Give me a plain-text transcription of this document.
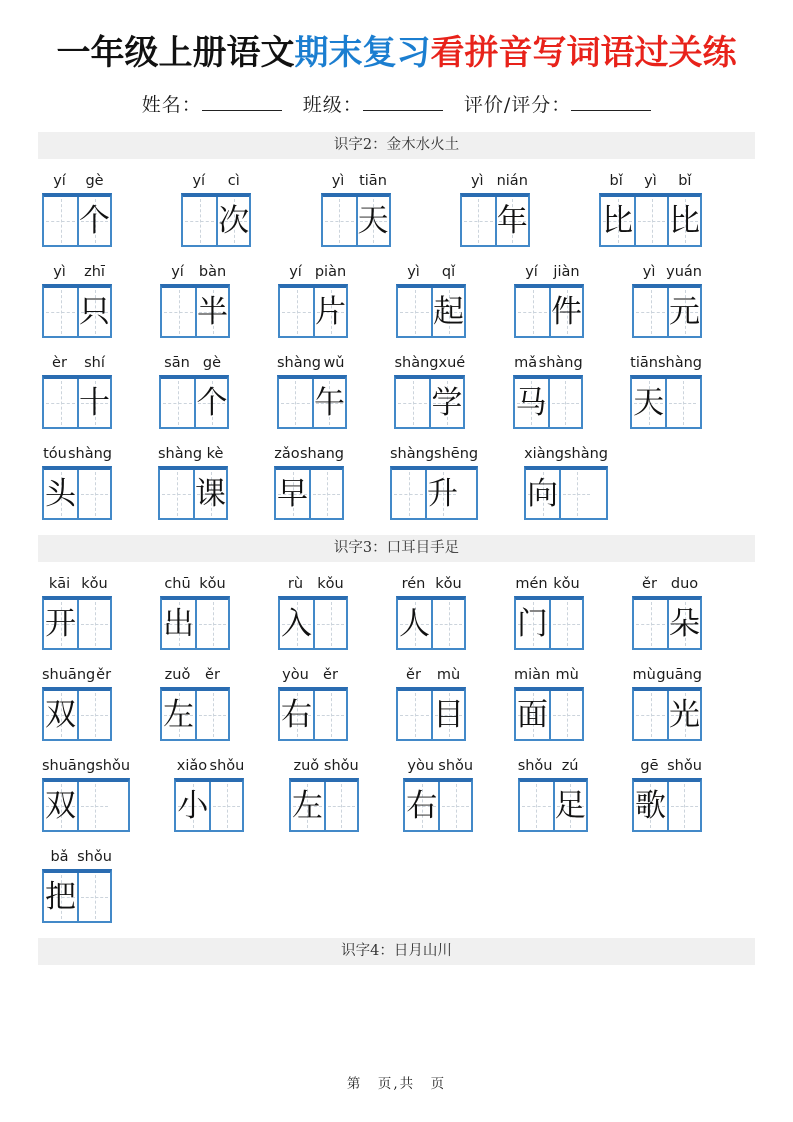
一年级上册语文期末复习看拼音写词语过关练
姓名：	班级：	评价/评分：
识字2：金木水火土
yí	gè
个
yí	cì
次
yì	tiān
天
yì nián
年
bǐ	yì	bǐ
比 比
yì	zhī
只
yí	bàn
半
yí piàn
片
yì	qǐ
起
yí	jiàn
件
yì yuán
元
èr	shí
十
sān gè
个
shàng wǔ
午
shàng xué
学
mǎ shàng
马
tiān shàng
天
tóu shàng
头
shàng kè
课
zǎo shang
早
shàng shēng
升
xiàng shàng
向
识字3：口耳目手足
kāi kǒu
开
chū kǒu
出
rù kǒu
入
rén kǒu
人
mén kǒu
门
ěr duo
朵
shuāng ěr
双
zuǒ	ěr
左
yòu ěr
右
ěr	mù
目
miàn mù
面
mù guāng
光
shuāng shǒu
双
xiǎo shǒu
小
zuǒ shǒu
左
yòu shǒu
右
shǒu zú
足
gē shǒu
歌
bǎ shǒu
把
识字4：日月山川
第　页,共　页
